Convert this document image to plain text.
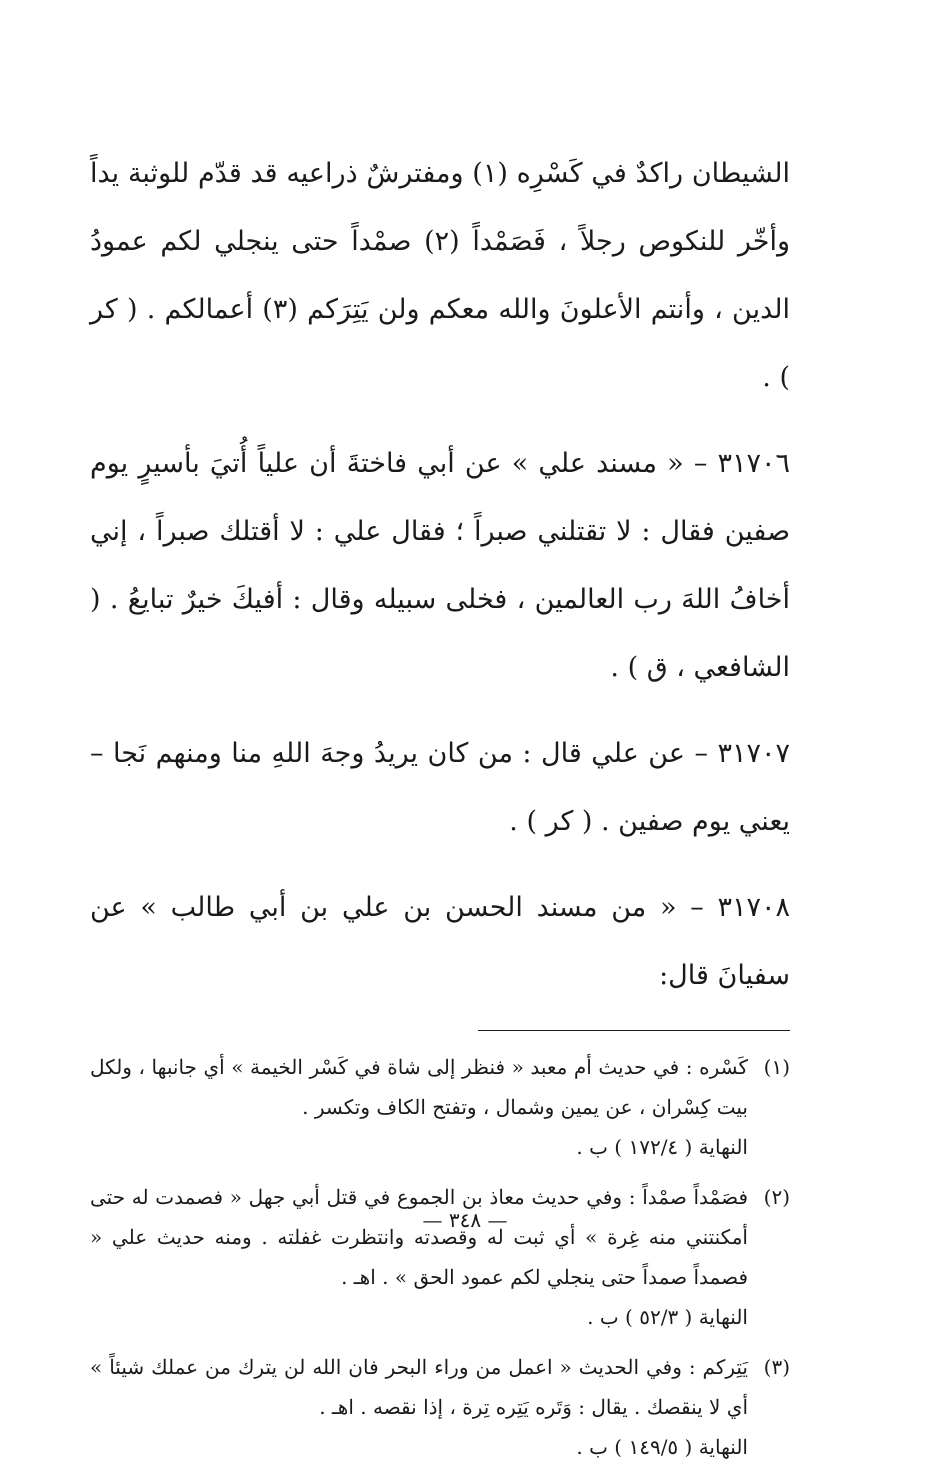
الشيطان راكدٌ في كَسْرِه (١) ومفترشٌ ذراعيه قد قدّم للوثبة يداً وأخّر للنكوص رجلاً ، فَصَمْداً (٢) صمْداً حتى ينجلي لكم عمودُ الدين ، وأنتم الأعلونَ والله معكم ولن يَتِرَكم (٣) أعمالكم . ( كر ) .

٣١٧٠٦ – « مسند علي » عن أبي فاختةَ أن علياً أُتيَ بأسيرٍ يوم صفين فقال : لا تقتلني صبراً ؛ فقال علي : لا أقتلك صبراً ، إني أخافُ اللهَ رب العالمين ، فخلى سبيله وقال : أفيكَ خيرٌ تبايعُ . ( الشافعي ، ق ) .

٣١٧٠٧ – عن علي قال : من كان يريدُ وجهَ اللهِ منا ومنهم نَجا – يعني يوم صفين . ( كر ) .

٣١٧٠٨ – « من مسند الحسن بن علي بن أبي طالب » عن سفيانَ قال:

(١)
كَسْره : في حديث أم معبد « فنظر إلى شاة في كَسْر الخيمة » أي جانبها ، ولكل بيت كِسْران ، عن يمين وشمال ، وتفتح الكاف وتكسر .
النهاية ( ١٧٢/٤ ) ب .
(٢)
فصَمْداً صمْداً : وفي حديث معاذ بن الجموع في قتل أبي جهل « فصمدت له حتى أمكنتني منه غِرة » أي ثبت له وقصدته وانتظرت غفلته . ومنه حديث علي « فصمداً صمداً حتى ينجلي لكم عمود الحق » . اهـ .
النهاية ( ٥٢/٣ ) ب .
(٣)
يَتِركم : وفي الحديث « اعمل من وراء البحر فان الله لن يترك من عملك شيئاً » أي لا ينقصك . يقال : وَتَره يَتِره تِرة ، إذا نقصه . اهـ .
النهاية ( ١٤٩/٥ ) ب .
— ٣٤٨ —
